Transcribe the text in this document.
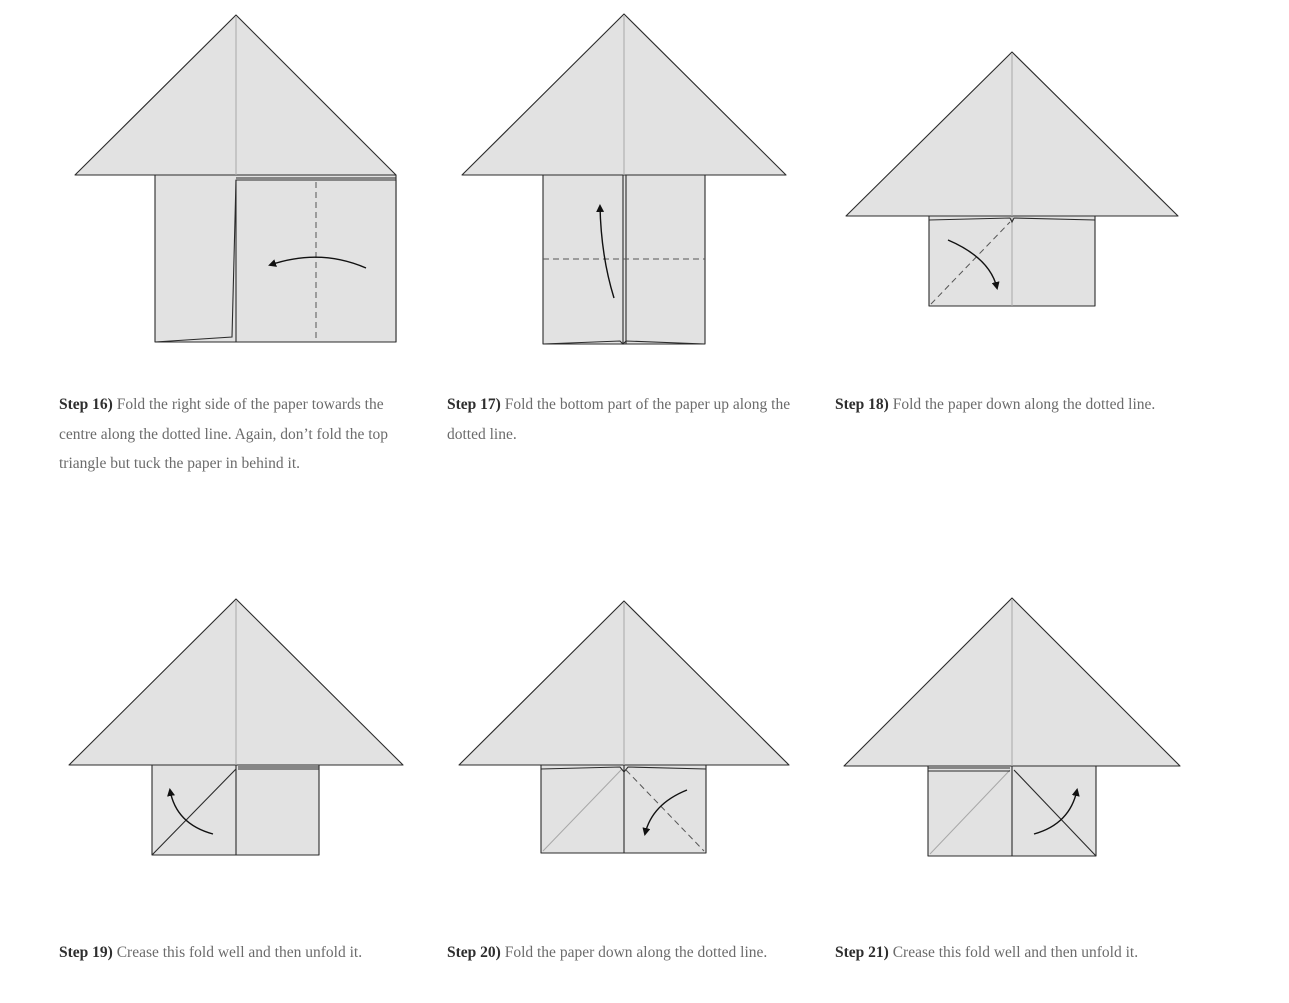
Step 16) Fold the right side of the paper towards the centre along the dotted line. Again, don’t fold the top triangle but tuck the paper in behind it.

Step 17) Fold the bottom part of the paper up along the dotted line.

Step 18) Fold the paper down along the dotted line.

Step 19) Crease this fold well and then unfold it.	Step 20) Fold the paper down along the dotted line.	Step 21) Crease this fold well and then unfold it.
